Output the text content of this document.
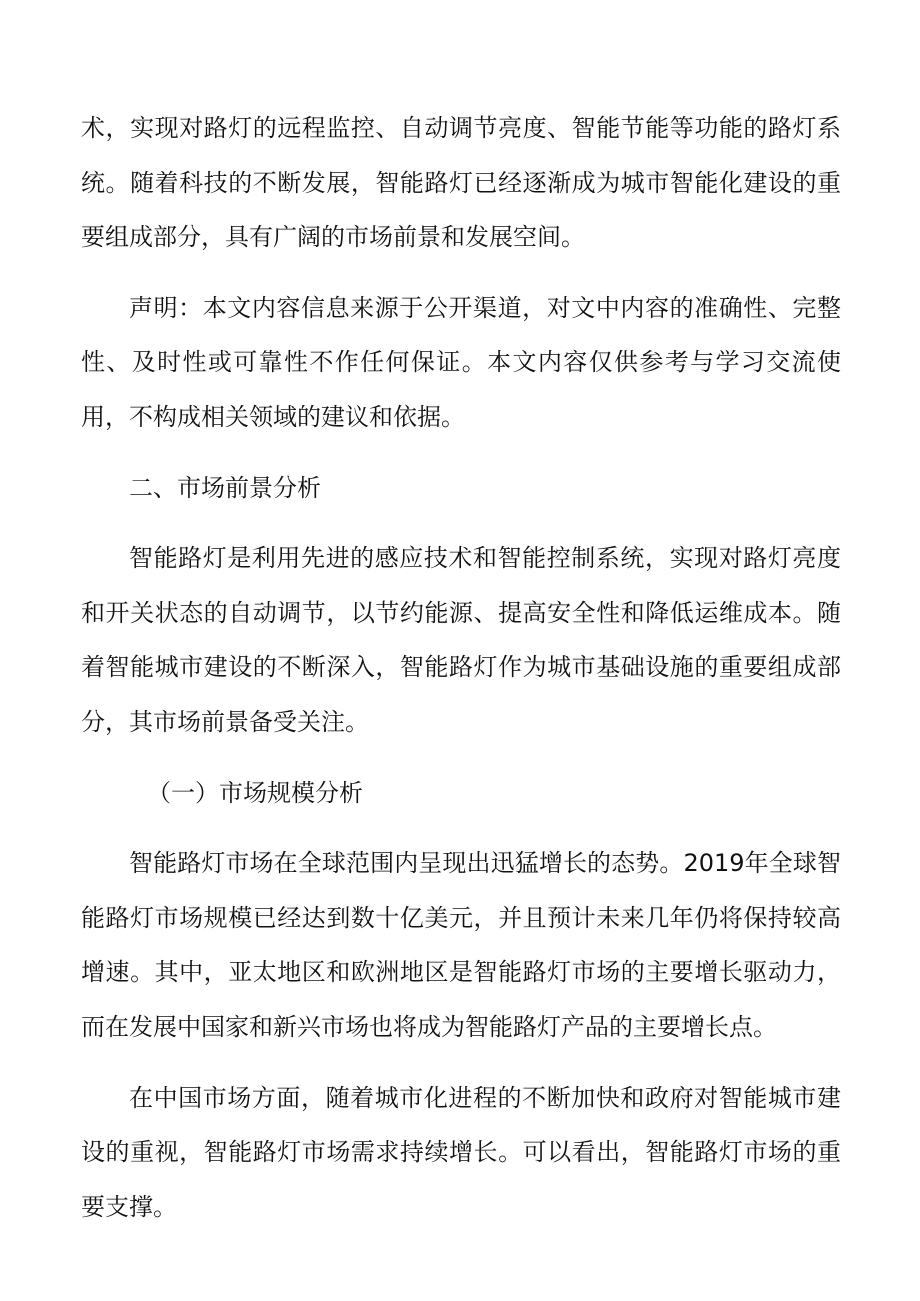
术，实现对路灯的远程监控、自动调节亮度、智能节能等功能的路灯系统。随着科技的不断发展，智能路灯已经逐渐成为城市智能化建设的重要组成部分，具有广阔的市场前景和发展空间。

声明：本文内容信息来源于公开渠道，对文中内容的准确性、完整性、及时性或可靠性不作任何保证。本文内容仅供参考与学习交流使用，不构成相关领域的建议和依据。

二、市场前景分析

智能路灯是利用先进的感应技术和智能控制系统，实现对路灯亮度和开关状态的自动调节，以节约能源、提高安全性和降低运维成本。随着智能城市建设的不断深入，智能路灯作为城市基础设施的重要组成部分，其市场前景备受关注。

（一）市场规模分析

智能路灯市场在全球范围内呈现出迅猛增长的态势。2019年全球智能路灯市场规模已经达到数十亿美元，并且预计未来几年仍将保持较高增速。其中，亚太地区和欧洲地区是智能路灯市场的主要增长驱动力，而在发展中国家和新兴市场也将成为智能路灯产品的主要增长点。

在中国市场方面，随着城市化进程的不断加快和政府对智能城市建设的重视，智能路灯市场需求持续增长。可以看出，智能路灯市场的重要支撑。
